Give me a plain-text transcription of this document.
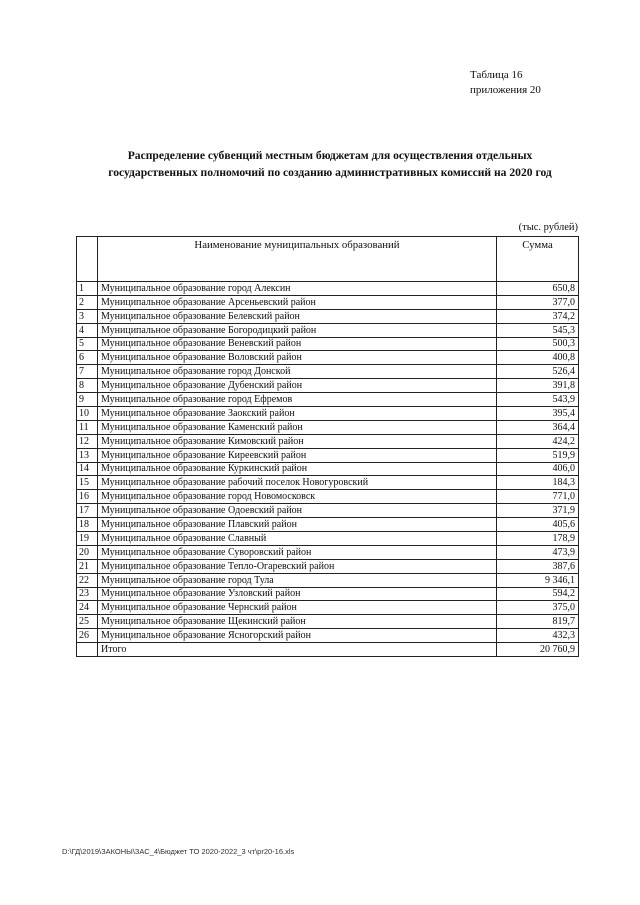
Таблица 16
приложения 20
Распределение субвенций местным бюджетам для осуществления отдельных
государственных полномочий по созданию административных комиссий на 2020 год
(тыс. рублей)
	Наименование муниципальных образований	Сумма
1	Муниципальное образование город Алексин	650,8
2	Муниципальное образование Арсеньевский район	377,0
3	Муниципальное образование Белевский район	374,2
4	Муниципальное образование Богородицкий район	545,3
5	Муниципальное образование Веневский район	500,3
6	Муниципальное образование Воловский район	400,8
7	Муниципальное образование город Донской	526,4
8	Муниципальное образование Дубенский район	391,8
9	Муниципальное образование город Ефремов	543,9
10	Муниципальное образование Заокский район	395,4
11	Муниципальное образование Каменский район	364,4
12	Муниципальное образование Кимовский район	424,2
13	Муниципальное образование Киреевский район	519,9
14	Муниципальное образование Куркинский район	406,0
15	Муниципальное образование рабочий поселок Новогуровский	184,3
16	Муниципальное образование город Новомосковск	771,0
17	Муниципальное образование Одоевский район	371,9
18	Муниципальное образование Плавский район	405,6
19	Муниципальное образование Славный	178,9
20	Муниципальное образование Суворовский район	473,9
21	Муниципальное образование Тепло-Огаревский район	387,6
22	Муниципальное образование город Тула	9 346,1
23	Муниципальное образование Узловский район	594,2
24	Муниципальное образование Чернский район	375,0
25	Муниципальное образование Щекинский район	819,7
26	Муниципальное образование Ясногорский район	432,3
	Итого	20 760,9
D:\ГД\2019\ЗАКОНЫ\ЗАС_4\Бюджет ТО 2020-2022_3 чт\pr20-16.xls
